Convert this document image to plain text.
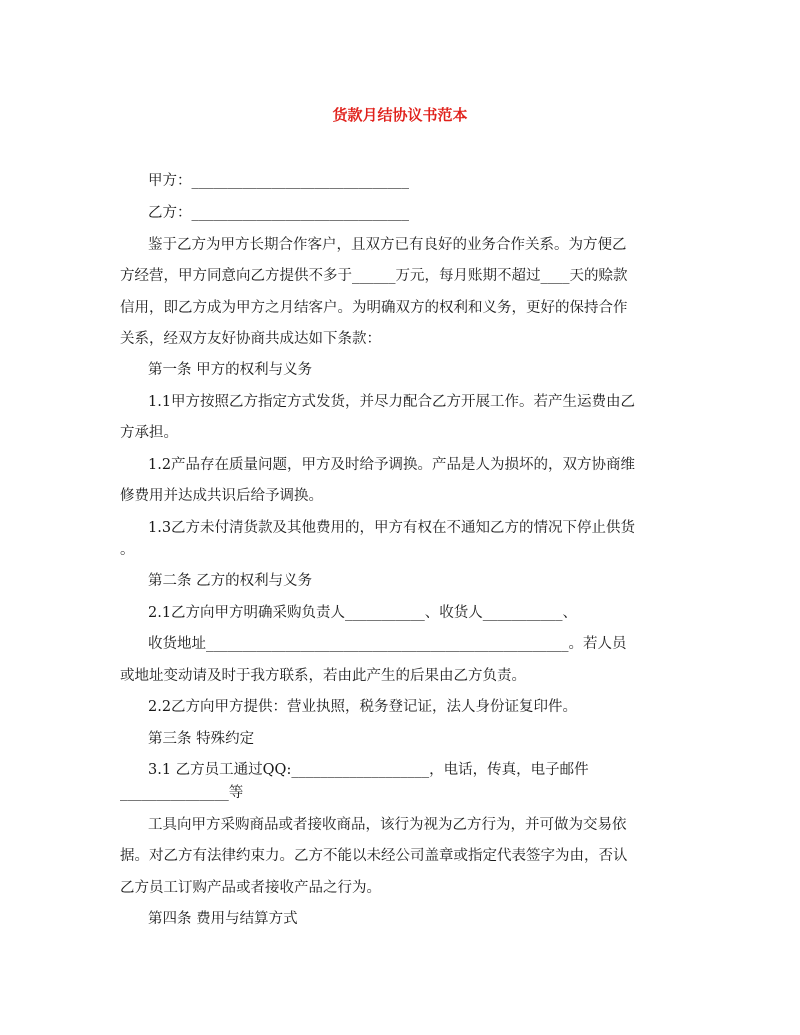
货款月结协议书范本
甲方：______________________________
乙方：______________________________
鉴于乙方为甲方长期合作客户，且双方已有良好的业务合作关系。为方便乙
方经营，甲方同意向乙方提供不多于______万元，每月账期不超过____天的赊款
信用，即乙方成为甲方之月结客户。为明确双方的权利和义务，更好的保持合作
关系，经双方友好协商共成达如下条款：
第一条 甲方的权利与义务
1.1甲方按照乙方指定方式发货，并尽力配合乙方开展工作。若产生运费由乙
方承担。
1.2产品存在质量问题，甲方及时给予调换。产品是人为损坏的，双方协商维
修费用并达成共识后给予调换。
1.3乙方未付清货款及其他费用的，甲方有权在不通知乙方的情况下停止供货
。
第二条 乙方的权利与义务
2.1乙方向甲方明确采购负责人___________、收货人___________、
收货地址__________________________________________________。若人员
或地址变动请及时于我方联系，若由此产生的后果由乙方负责。
2.2乙方向甲方提供：营业执照，税务登记证，法人身份证复印件。
第三条 特殊约定
3.1 乙方员工通过QQ:___________________，电话，传真，电子邮件
_______________等
工具向甲方采购商品或者接收商品，该行为视为乙方行为，并可做为交易依
据。对乙方有法律约束力。乙方不能以未经公司盖章或指定代表签字为由，否认
乙方员工订购产品或者接收产品之行为。
第四条 费用与结算方式
